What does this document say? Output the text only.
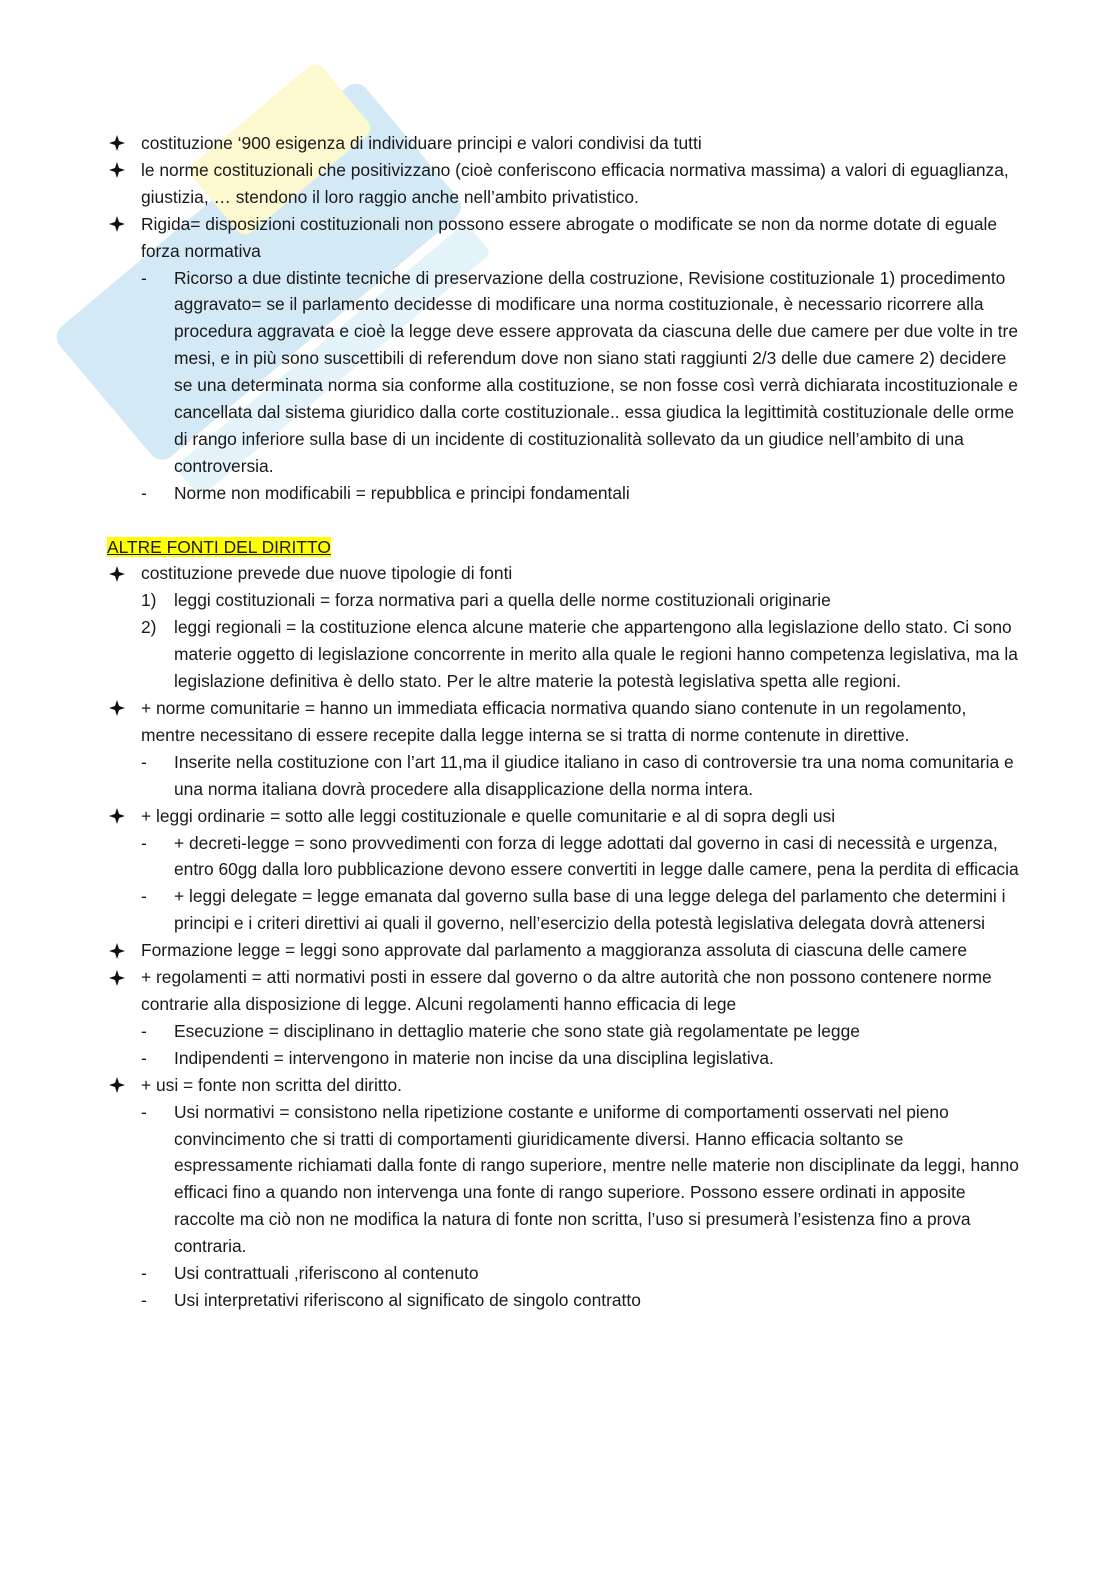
costituzione ‘900 esigenza di individuare principi e valori condivisi da tutti
le norme costituzionali che positivizzano (cioè conferiscono efficacia normativa massima) a valori di eguaglianza, giustizia, … stendono il loro raggio anche nell’ambito privatistico.
Rigida= disposizioni costituzionali non possono essere abrogate o modificate se non da norme dotate di eguale forza normativa
-	Ricorso a due distinte tecniche di preservazione della costruzione, Revisione costituzionale 1) procedimento aggravato= se il parlamento decidesse di modificare una norma costituzionale, è necessario ricorrere alla procedura aggravata e cioè la legge deve essere approvata da ciascuna delle due camere per due volte in tre mesi, e in più sono suscettibili di referendum dove non siano stati raggiunti 2/3 delle due camere 2) decidere se una determinata norma sia conforme alla costituzione, se non fosse così verrà dichiarata incostituzionale e cancellata dal sistema giuridico dalla corte costituzionale.. essa giudica la legittimità costituzionale delle orme di rango inferiore sulla base di un incidente di costituzionalità sollevato da un giudice nell’ambito di una controversia.
-	Norme non modificabili = repubblica e principi fondamentali
ALTRE FONTI DEL DIRITTO
costituzione prevede due nuove tipologie di fonti
1) leggi costituzionali = forza normativa pari a quella delle norme costituzionali originarie
2) leggi regionali = la costituzione elenca alcune materie che appartengono alla legislazione dello stato. Ci sono materie oggetto di legislazione concorrente in merito alla quale le regioni hanno competenza legislativa, ma la legislazione definitiva è dello stato. Per le altre materie la potestà legislativa spetta alle regioni.
+ norme comunitarie = hanno un immediata efficacia normativa quando siano contenute in un regolamento, mentre necessitano di essere recepite dalla legge interna se si tratta di norme contenute in direttive.
-	Inserite nella costituzione con l’art 11,ma il giudice italiano in caso di controversie tra una noma comunitaria e una norma italiana dovrà procedere alla disapplicazione della norma intera.
+ leggi ordinarie = sotto alle leggi costituzionale e quelle comunitarie e al di sopra degli usi
-	+ decreti-legge = sono provvedimenti con forza di legge adottati dal governo in casi di necessità e urgenza, entro 60gg dalla loro pubblicazione devono essere convertiti in legge dalle camere, pena la perdita di efficacia
-	+ leggi delegate = legge emanata dal governo sulla base di una legge delega del parlamento che determini i principi e i criteri direttivi ai quali il governo, nell’esercizio della potestà legislativa delegata dovrà attenersi
Formazione legge = leggi sono approvate dal parlamento a maggioranza assoluta di ciascuna delle camere
+ regolamenti = atti normativi posti in essere dal governo o da altre autorità che non possono contenere norme contrarie alla disposizione di legge. Alcuni regolamenti hanno efficacia di lege
-	Esecuzione = disciplinano in dettaglio materie che sono state già regolamentate pe legge
-	Indipendenti = intervengono in materie non incise da una disciplina legislativa.
+ usi = fonte non scritta del diritto.
-	Usi normativi = consistono nella ripetizione costante e uniforme di comportamenti osservati nel pieno convincimento che si tratti di comportamenti giuridicamente diversi. Hanno efficacia soltanto se espressamente richiamati dalla fonte di rango superiore, mentre nelle materie non disciplinate da leggi, hanno efficaci fino a quando non intervenga una fonte di rango superiore. Possono essere ordinati in apposite raccolte ma ciò non ne modifica la natura di fonte non scritta, l’uso si presumerà l’esistenza fino a prova contraria.
-	Usi contrattuali ,riferiscono al contenuto
-	Usi interpretativi riferiscono al significato de singolo contratto
